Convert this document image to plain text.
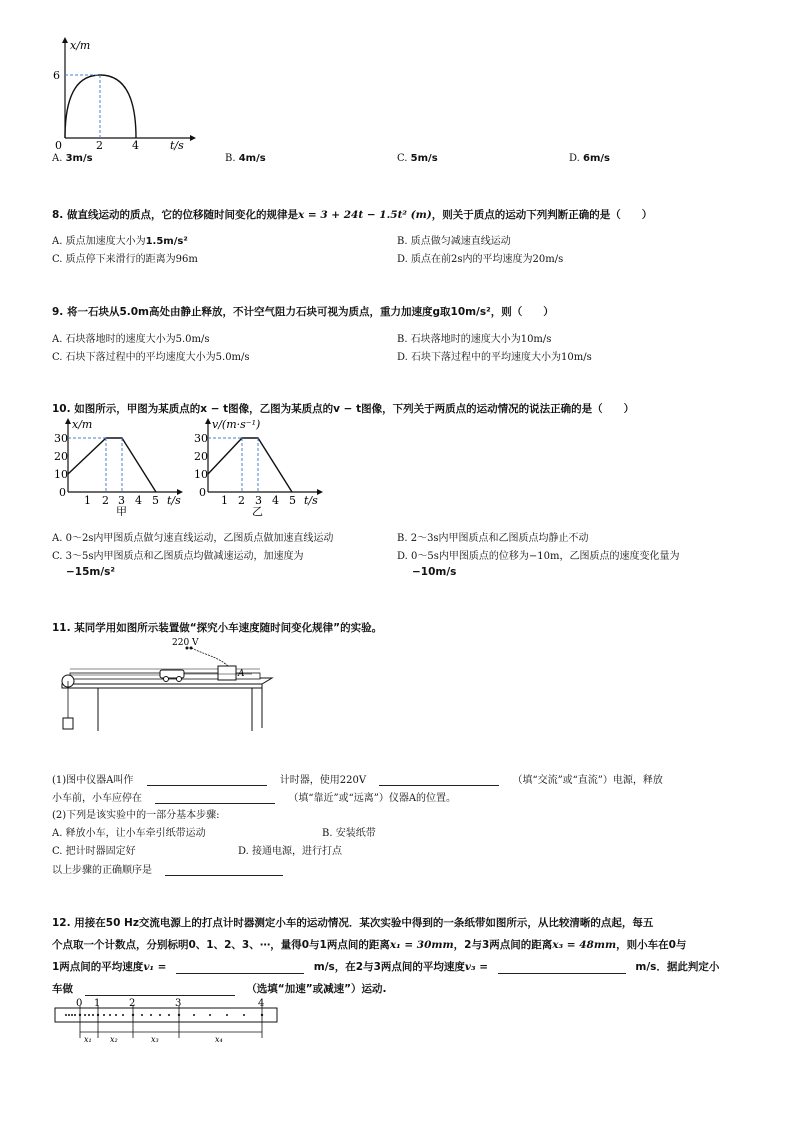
x/m
6
0	2	4	t/s
A. 3m/s	B. 4m/s	C. 5m/s	D. 6m/s
8. 做直线运动的质点，它的位移随时间变化的规律是x = 3 + 24t − 1.5t² (m)，则关于质点的运动下列判断正确的是（　　）
A. 质点加速度大小为1.5m/s²	B. 质点做匀减速直线运动
C. 质点停下来滑行的距离为96m	D. 质点在前2s内的平均速度为20m/s
9. 将一石块从5.0m高处由静止释放，不计空气阻力石块可视为质点，重力加速度g取10m/s²，则（　　）
A. 石块落地时的速度大小为5.0m/s	B. 石块落地时的速度大小为10m/s
C. 石块下落过程中的平均速度大小为5.0m/s	D. 石块下落过程中的平均速度大小为10m/s
10. 如图所示，甲图为某质点的x − t图像，乙图为某质点的v − t图像，下列关于两质点的运动情况的说法正确的是（　　）
x/m
30
20
10
0
1 2 3 4 5 t/s
甲
v/(m·s⁻¹)
30
20
10
0
1 2 3 4 5 t/s
乙
A. 0～2s内甲图质点做匀速直线运动，乙图质点做加速直线运动	B. 2～3s内甲图质点和乙图质点均静止不动
C. 3～5s内甲图质点和乙图质点均做减速运动，加速度为	D. 0～5s内甲图质点的位移为−10m，乙图质点的速度变化量为
−15m/s²	−10m/s
11. 某同学用如图所示装置做“探究小车速度随时间变化规律”的实验。
A
220 V
(1)图中仪器A叫作	计时器，使用220V	（填“交流”或“直流”）电源，释放
小车前，小车应停在	（填“靠近”或“远离”）仪器A的位置。
(2)下列是该实验中的一部分基本步骤:
A. 释放小车，让小车牵引纸带运动	B. 安装纸带
C. 把计时器固定好	D. 接通电源，进行打点
以上步骤的正确顺序是
12. 用接在50 Hz交流电源上的打点计时器测定小车的运动情况．某次实验中得到的一条纸带如图所示，从比较清晰的点起，每五
个点取一个计数点，分别标明0、1、2、3、⋯，量得0与1两点间的距离x₁ = 30mm，2与3两点间的距离x₃ = 48mm，则小车在0与
1两点间的平均速度v₁ =	m/s，在2与3两点间的平均速度v₃ =	m/s．据此判定小
车做	（选填“加速”或减速”）运动.
0 1	2	3	4
x₁ x₂	x₃	x₄
